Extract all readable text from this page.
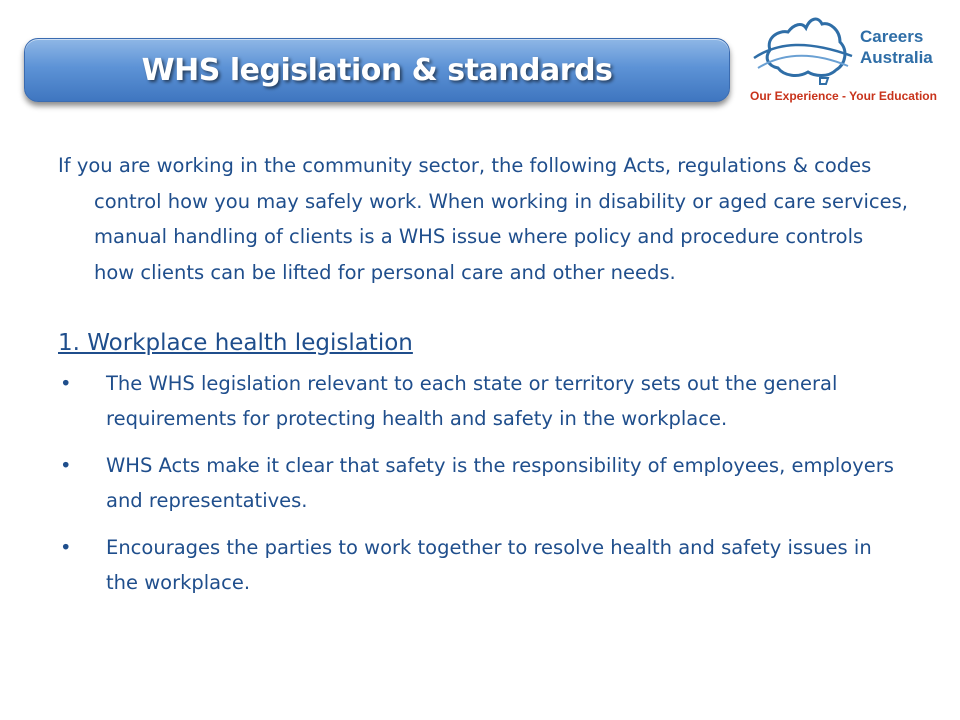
WHS legislation & standards
Careers
Australia
Our Experience - Your Education

If you are working in the community sector, the following Acts, regulations & codes control how you may safely work. When working in disability or aged care services, manual handling of clients is a WHS issue where policy and procedure controls how clients can be lifted for personal care and other needs.

1. Workplace health legislation
• The WHS legislation relevant to each state or territory sets out the general requirements for protecting health and safety in the workplace.
• WHS Acts make it clear that safety is the responsibility of employees, employers and representatives.
• Encourages the parties to work together to resolve health and safety issues in the workplace.
